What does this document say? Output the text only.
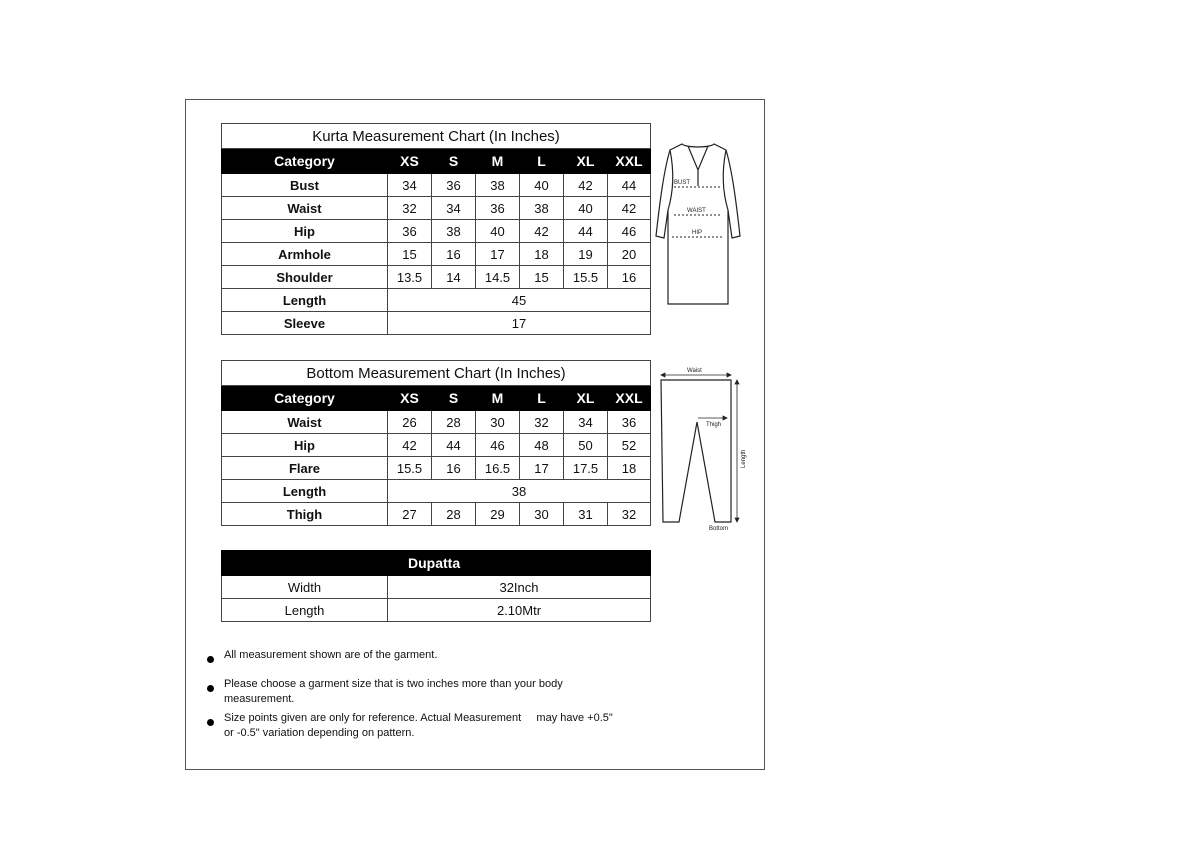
Kurta Measurement Chart (In Inches)						
Category	XS	S	M	L	XL	XXL
Bust	34	36	38	40	42	44
Waist	32	34	36	38	40	42
Hip	36	38	40	42	44	46
Armhole	15	16	17	18	19	20
Shoulder	13.5	14	14.5	15	15.5	16
Length	45					
Sleeve	17					
BUST
WAIST
HIP
Bottom Measurement Chart (In Inches)						
Category	XS	S	M	L	XL	XXL
Waist	26	28	30	32	34	36
Hip	42	44	46	48	50	52
Flare	15.5	16	16.5	17	17.5	18
Length	38					
Thigh	27	28	29	30	31	32
Waist
Thigh
Length
Bottom
	Dupatta
Width	32Inch
Length	2.10Mtr
All measurement shown are of the garment.
Please choose a garment size that is two inches more than your body
measurement.
Size points given are only for reference. Actual Measurement     may have +0.5"
or -0.5" variation depending on pattern.
